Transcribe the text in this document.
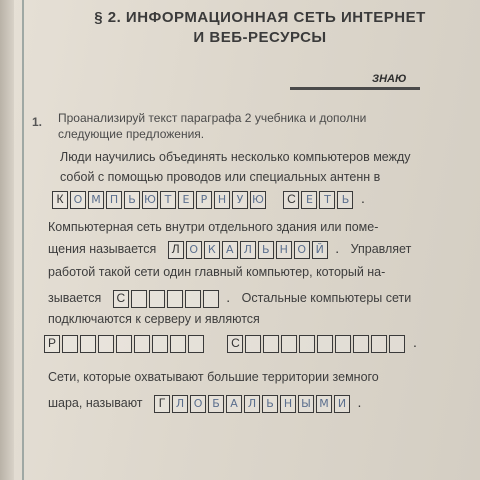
§ 2. ИНФОРМАЦИОННАЯ СЕТЬ ИНТЕРНЕТ
И ВЕБ-РЕСУРСЫ
ЗНАЮ
1. Проанализируй текст параграфа 2 учебника и дополни следующие предложения.
Люди научились объединять несколько компьютеров между
собой с помощью проводов или специальных антенн в
К О М П Ь Ю Т	Е	Р Н У Ю
	С Е	Т Ь .
Компьютерная сеть внутри отдельного здания или поме-
щения называется	Л О К А Л Ь Н О Й . Управляет
работой такой сети один главный компьютер, который на-
зывается	С	. Остальные компьютеры сети
подключаются к серверу и являются
Р
	С	.
Сети, которые охватывают большие территории земного
шара, называют	Г Л О Б А Л Ь Н Ы М И .
